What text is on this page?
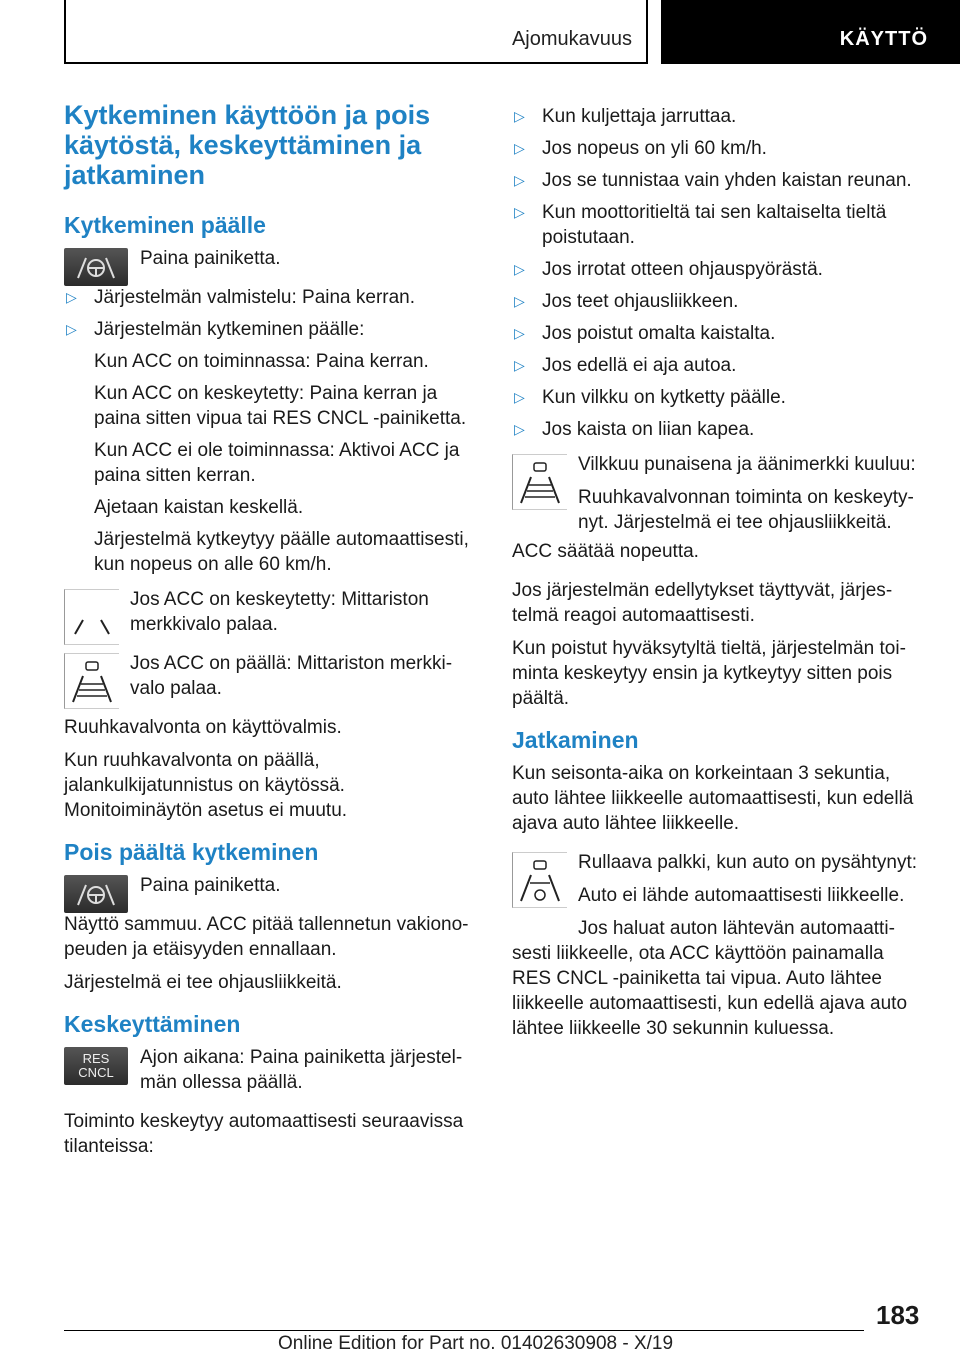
Ajomukavuus	KÄYTTÖ
Kytkeminen käyttöön ja pois käytöstä, keskeyttäminen ja jatkaminen
Kytkeminen päälle

Paina painiketta.

▷ Järjestelmän valmistelu: Paina kerran.
▷ Järjestelmän kytkeminen päälle:
Kun ACC on toiminnassa: Paina kerran.
Kun ACC on keskeytetty: Paina kerran ja paina sitten vipua tai RES CNCL -painiketta.
Kun ACC ei ole toiminnassa: Aktivoi ACC ja paina sitten kerran.
Ajetaan kaistan keskellä.
Järjestelmä kytkeytyy päälle automaattisesti, kun nopeus on alle 60 km/h.

Jos ACC on keskeytetty: Mittariston merkkivalo palaa.

Jos ACC on päällä: Mittariston merkkivalo palaa.

Ruuhkavalvonta on käyttövalmis.

Kun ruuhkavalvonta on päällä, jalankulkijatunnistus on käytössä. Monitoiminäytön asetus ei muutu.

Pois päältä kytkeminen

Paina painiketta.

Näyttö sammuu. ACC pitää tallennetun vakionopeuden ja etäisyyden ennallaan.

Järjestelmä ei tee ohjausliikkeitä.

Keskeyttäminen
RES
CNCL

Ajon aikana: Paina painiketta järjestelmän ollessa päällä.

Toiminto keskeytyy automaattisesti seuraavissa tilanteissa:

▷ Kun kuljettaja jarruttaa.
▷ Jos nopeus on yli 60 km/h.
▷ Jos se tunnistaa vain yhden kaistan reunan.
▷ Kun moottoritieltä tai sen kaltaiselta tieltä poistutaan.
▷ Jos irrotat otteen ohjauspyörästä.
▷ Jos teet ohjausliikkeen.
▷ Jos poistut omalta kaistalta.
▷ Jos edellä ei aja autoa.
▷ Kun vilkku on kytketty päälle.
▷ Jos kaista on liian kapea.

Vilkkuu punaisena ja äänimerkki kuuluu:

Ruuhkavalvonnan toiminta on keskeytynyt. Järjestelmä ei tee ohjausliikkeitä.

ACC säätää nopeutta.

Jos järjestelmän edellytykset täyttyvät, järjestelmä reagoi automaattisesti.

Kun poistut hyväksytyltä tieltä, järjestelmän toiminta keskeytyy ensin ja kytkeytyy sitten pois päältä.

Jatkaminen

Kun seisonta-aika on korkeintaan 3 sekuntia, auto lähtee liikkeelle automaattisesti, kun edellä ajava auto lähtee liikkeelle.

Rullaava palkki, kun auto on pysähtynyt:

Auto ei lähde automaattisesti liikkeelle.

Jos haluat auton lähtevän automaattisesti liikkeelle, ota ACC käyttöön painamalla RES CNCL -painiketta tai vipua. Auto lähtee liikkeelle automaattisesti, kun edellä ajava auto lähtee liikkeelle 30 sekunnin kuluessa.

183
Online Edition for Part no. 01402630908 - X/19
